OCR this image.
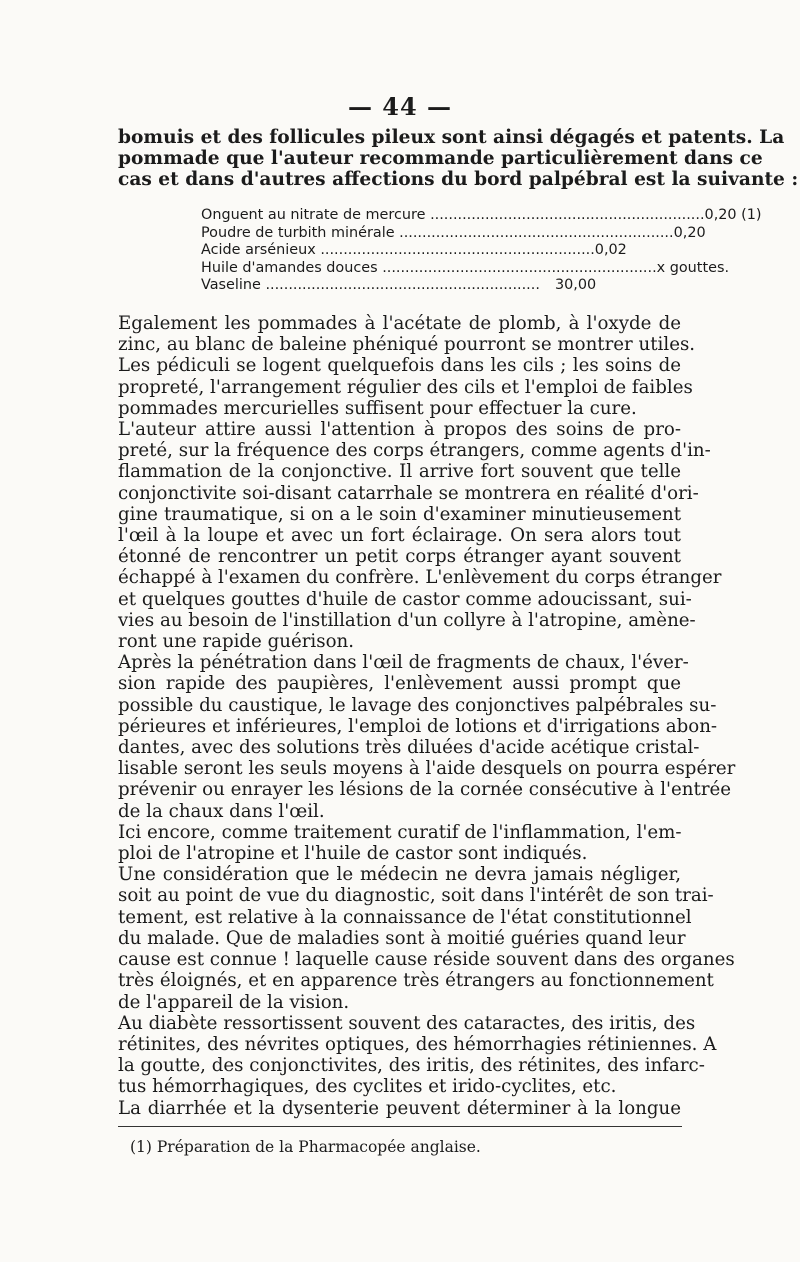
— 44 —
bomuis et des follicules pileux sont ainsi dégagés et patents. La
pommade que l'auteur recommande particulièrement dans ce
cas et dans d'autres affections du bord palpébral est la suivante :
Onguent au nitrate de mercure ............................................................ 0,20 (1)
Poudre de turbith minérale ............................................................ 0,20
Acide arsénieux ............................................................ 0,02
Huile d'amandes douces ............................................................ x gouttes.
Vaseline ............................................................	30,00
Egalement les pommades à l'acétate de plomb, à l'oxyde de
zinc, au blanc de baleine phéniqué pourront se montrer utiles.
Les pédiculi se logent quelquefois dans les cils ; les soins de
propreté, l'arrangement régulier des cils et l'emploi de faibles
pommades mercurielles suffisent pour effectuer la cure.
L'auteur attire aussi l'attention à propos des soins de pro-
preté, sur la fréquence des corps étrangers, comme agents d'in-
flammation de la conjonctive. Il arrive fort souvent que telle
conjonctivite soi-disant catarrhale se montrera en réalité d'ori-
gine traumatique, si on a le soin d'examiner minutieusement
l'œil à la loupe et avec un fort éclairage. On sera alors tout
étonné de rencontrer un petit corps étranger ayant souvent
échappé à l'examen du confrère. L'enlèvement du corps étranger
et quelques gouttes d'huile de castor comme adoucissant, sui-
vies au besoin de l'instillation d'un collyre à l'atropine, amène-
ront une rapide guérison.
Après la pénétration dans l'œil de fragments de chaux, l'éver-
sion rapide des paupières, l'enlèvement aussi prompt que
possible du caustique, le lavage des conjonctives palpébrales su-
périeures et inférieures, l'emploi de lotions et d'irrigations abon-
dantes, avec des solutions très diluées d'acide acétique cristal-
lisable seront les seuls moyens à l'aide desquels on pourra espérer
prévenir ou enrayer les lésions de la cornée consécutive à l'entrée
de la chaux dans l'œil.
Ici encore, comme traitement curatif de l'inflammation, l'em-
ploi de l'atropine et l'huile de castor sont indiqués.
Une considération que le médecin ne devra jamais négliger,
soit au point de vue du diagnostic, soit dans l'intérêt de son trai-
tement, est relative à la connaissance de l'état constitutionnel
du malade. Que de maladies sont à moitié guéries quand leur
cause est connue ! laquelle cause réside souvent dans des organes
très éloignés, et en apparence très étrangers au fonctionnement
de l'appareil de la vision.
Au diabète ressortissent souvent des cataractes, des iritis, des
rétinites, des névrites optiques, des hémorrhagies rétiniennes. A
la goutte, des conjonctivites, des iritis, des rétinites, des infarc-
tus hémorrhagiques, des cyclites et irido-cyclites, etc.
La diarrhée et la dysenterie peuvent déterminer à la longue
(1) Préparation de la Pharmacopée anglaise.
